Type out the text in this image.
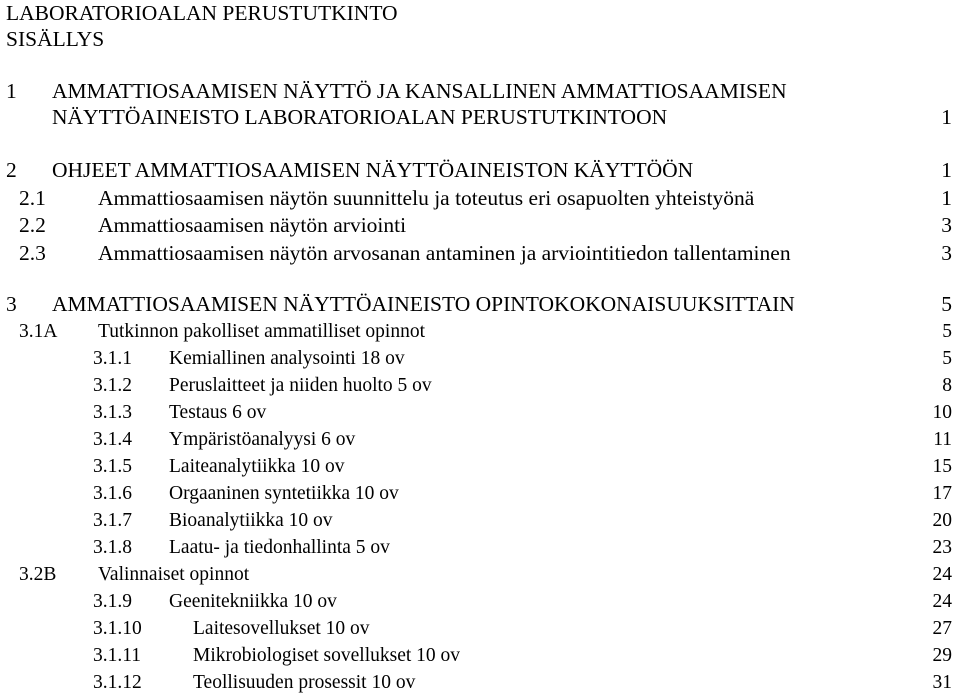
LABORATORIOALAN PERUSTUTKINTO
SISÄLLYS
1 AMMATTIOSAAMISEN NÄYTTÖ JA KANSALLINEN AMMATTIOSAAMISEN
NÄYTTÖAINEISTO LABORATORIOALAN PERUSTUTKINTOON	1
2 OHJEET AMMATTIOSAAMISEN NÄYTTÖAINEISTON KÄYTTÖÖN	1
2.1 Ammattiosaamisen näytön suunnittelu ja toteutus eri osapuolten yhteistyönä	1
2.2 Ammattiosaamisen näytön arviointi	3
2.3 Ammattiosaamisen näytön arvosanan antaminen ja arviointitiedon tallentaminen	3
3 AMMATTIOSAAMISEN NÄYTTÖAINEISTO OPINTOKOKONAISUUKSITTAIN	5
3.1A Tutkinnon pakolliset ammatilliset opinnot	5
3.1.1 Kemiallinen analysointi 18 ov	5
3.1.2 Peruslaitteet ja niiden huolto 5 ov	8
3.1.3 Testaus 6 ov	10
3.1.4 Ympäristöanalyysi 6 ov	11
3.1.5 Laiteanalytiikka 10 ov	15
3.1.6 Orgaaninen syntetiikka 10 ov	17
3.1.7 Bioanalytiikka 10 ov	20
3.1.8 Laatu- ja tiedonhallinta 5 ov	23
3.2B Valinnaiset opinnot	24
3.1.9 Geenitekniikka 10 ov	24
3.1.10	Laitesovellukset 10 ov	27
3.1.11	Mikrobiologiset sovellukset 10 ov	29
3.1.12	Teollisuuden prosessit 10 ov	31
